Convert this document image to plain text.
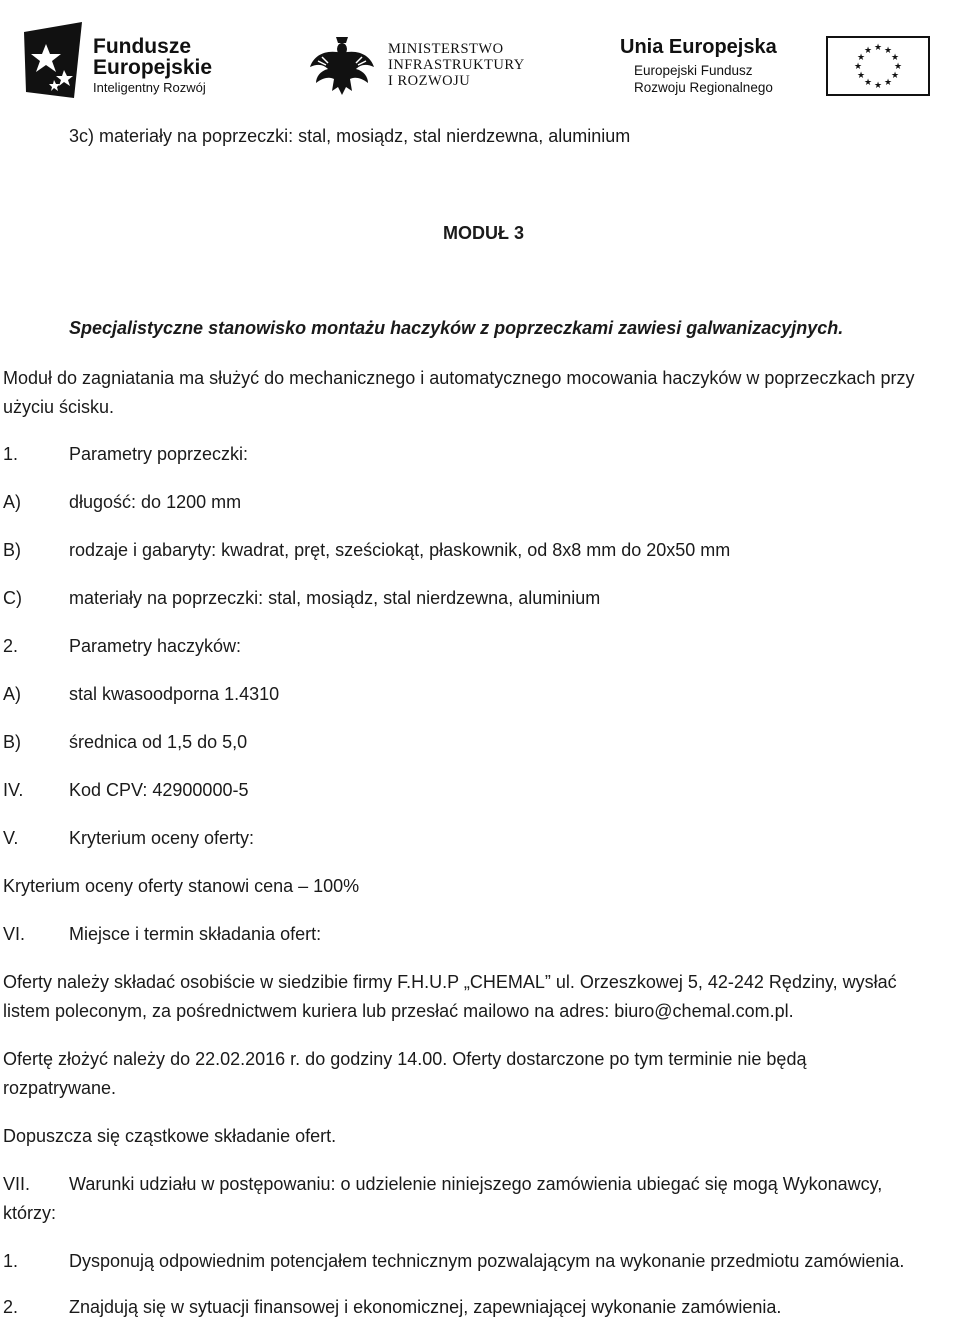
Fundusze
Europejskie
Inteligentny Rozwój
MINISTERSTWO
INFRASTRUKTURY
I ROZWOJU
Unia Europejska
Europejski Fundusz
Rozwoju Regionalnego
★ ★
★
★
★
★
★
★
★
★
★
★
3c) materiały na poprzeczki: stal, mosiądz, stal nierdzewna, aluminium
MODUŁ 3
Specjalistyczne stanowisko montażu haczyków z poprzeczkami zawiesi galwanizacyjnych.
Moduł do zagniatania ma służyć do mechanicznego i automatycznego mocowania haczyków w poprzeczkach przy
użyciu ścisku.
1.	Parametry poprzeczki:
A)	długość: do 1200 mm
B)	rodzaje i gabaryty: kwadrat, pręt, sześciokąt, płaskownik, od 8x8 mm do 20x50 mm
C)	materiały na poprzeczki: stal, mosiądz, stal nierdzewna, aluminium
2.	Parametry haczyków:
A)	stal kwasoodporna 1.4310
B)	średnica od 1,5 do 5,0
IV.	Kod CPV: 42900000-5
V.	Kryterium oceny oferty:
Kryterium oceny oferty stanowi cena – 100%
VI. Miejsce i termin składania ofert:
Oferty należy składać osobiście w siedzibie firmy F.H.U.P „CHEMAL” ul. Orzeszkowej 5, 42-242 Rędziny, wysłać
listem poleconym, za pośrednictwem kuriera lub przesłać mailowo na adres: biuro@chemal.com.pl.
Ofertę złożyć należy do 22.02.2016 r. do godziny 14.00. Oferty dostarczone po tym terminie nie będą
rozpatrywane.
Dopuszcza się cząstkowe składanie ofert.
VII. Warunki udziału w postępowaniu: o udzielenie niniejszego zamówienia ubiegać się mogą Wykonawcy,
którzy:
1.	Dysponują odpowiednim potencjałem technicznym pozwalającym na wykonanie przedmiotu zamówienia.
2.	Znajdują się w sytuacji finansowej i ekonomicznej, zapewniającej wykonanie zamówienia.
